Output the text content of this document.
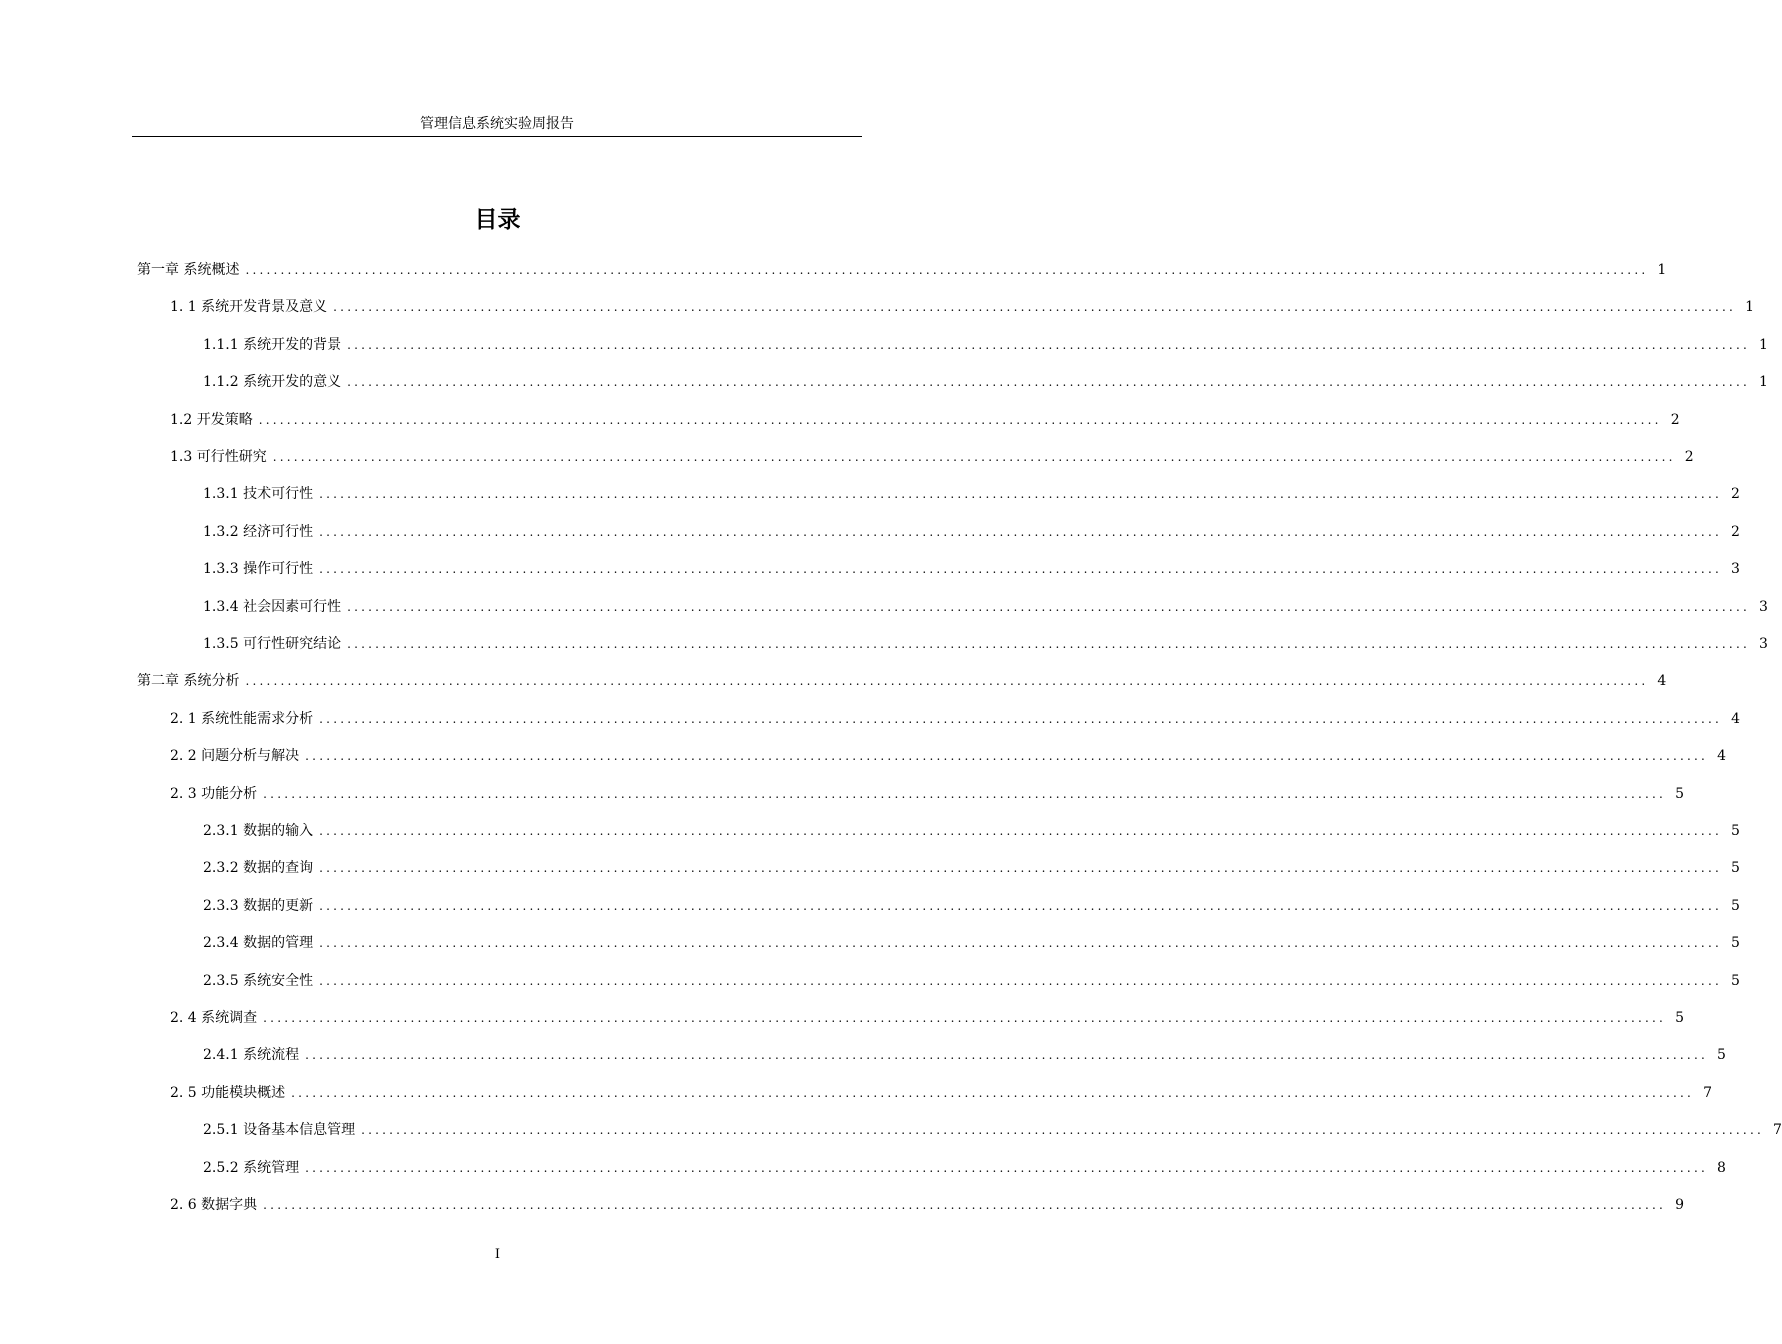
管理信息系统实验周报告
目录
第一章 系统概述 ........................................................................................................................................................................................................ 1
1. 1 系统开发背景及意义 ........................................................................................................................................................................................................ 1
1.1.1 系统开发的背景 ........................................................................................................................................................................................................ 1
1.1.2 系统开发的意义 ........................................................................................................................................................................................................ 1
1.2 开发策略 ........................................................................................................................................................................................................ 2
1.3 可行性研究 ........................................................................................................................................................................................................ 2
1.3.1 技术可行性 ........................................................................................................................................................................................................ 2
1.3.2 经济可行性 ........................................................................................................................................................................................................ 2
1.3.3 操作可行性 ........................................................................................................................................................................................................ 3
1.3.4 社会因素可行性 ........................................................................................................................................................................................................ 3
1.3.5 可行性研究结论 ........................................................................................................................................................................................................ 3
第二章 系统分析 ........................................................................................................................................................................................................ 4
2. 1 系统性能需求分析 ........................................................................................................................................................................................................ 4
2. 2 问题分析与解决 ........................................................................................................................................................................................................ 4
2. 3 功能分析 ........................................................................................................................................................................................................ 5
2.3.1 数据的输入 ........................................................................................................................................................................................................ 5
2.3.2 数据的查询 ........................................................................................................................................................................................................ 5
2.3.3 数据的更新 ........................................................................................................................................................................................................ 5
2.3.4 数据的管理 ........................................................................................................................................................................................................ 5
2.3.5 系统安全性 ........................................................................................................................................................................................................ 5
2. 4 系统调查 ........................................................................................................................................................................................................ 5
2.4.1 系统流程 ........................................................................................................................................................................................................ 5
2. 5 功能模块概述 ........................................................................................................................................................................................................ 7
2.5.1 设备基本信息管理 ........................................................................................................................................................................................................ 7
2.5.2 系统管理 ........................................................................................................................................................................................................ 8
2. 6 数据字典 ........................................................................................................................................................................................................ 9
I
